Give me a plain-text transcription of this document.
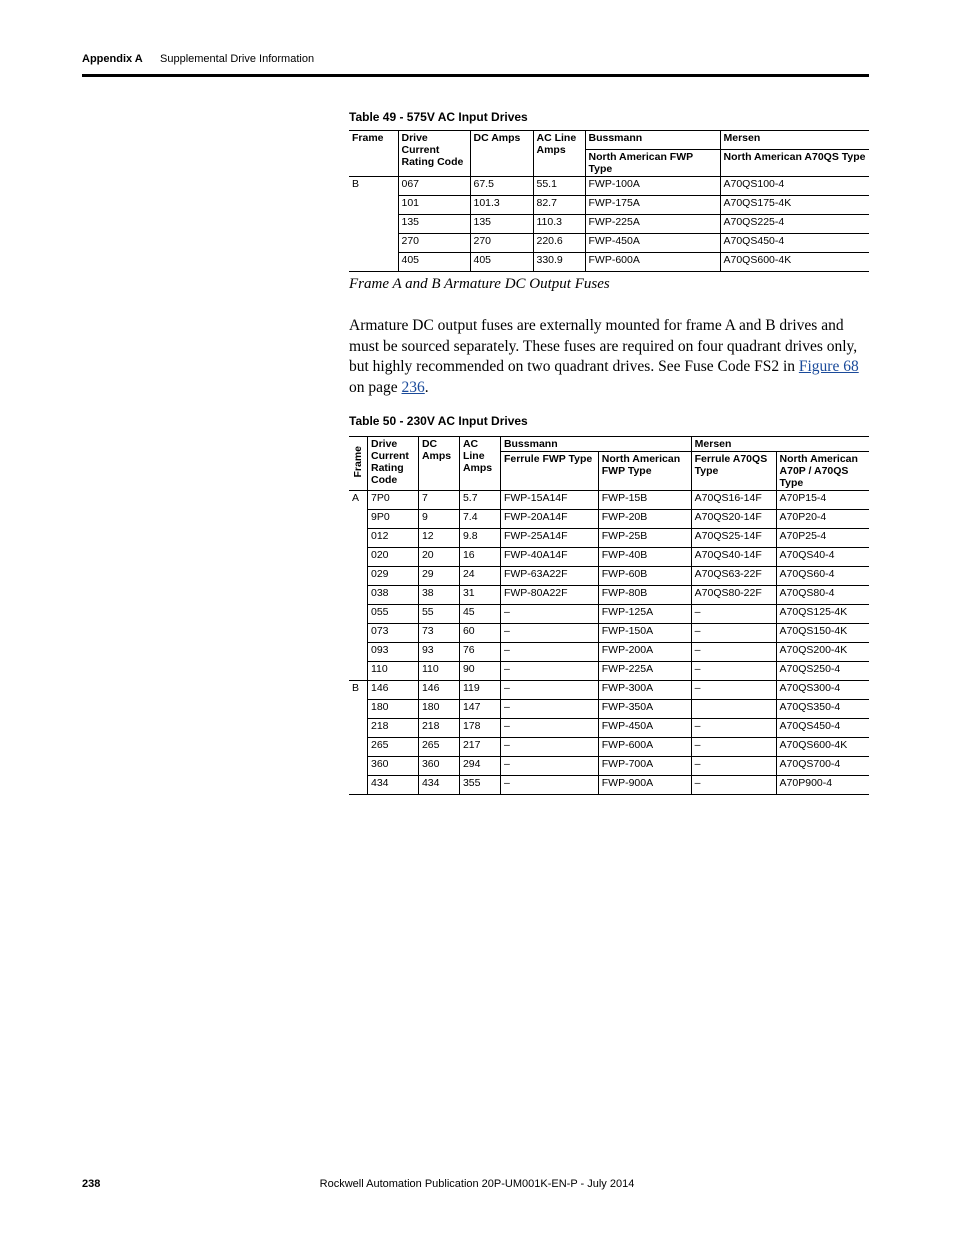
Appendix A Supplemental Drive Information
Table 49 - 575V AC Input Drives
Frame	Drive Current Rating Code	DC Amps	AC Line Amps	Bussmann	Mersen
				North American FWP Type	North American A70QS Type
B	067	67.5	55.1	FWP-100A	A70QS100-4
	101	101.3	82.7	FWP-175A	A70QS175-4K
	135	135	110.3	FWP-225A	A70QS225-4
	270	270	220.6	FWP-450A	A70QS450-4
	405	405	330.9	FWP-600A	A70QS600-4K
Frame A and B Armature DC Output Fuses
Armature DC output fuses are externally mounted for frame A and B drives and must be sourced separately. These fuses are required on four quadrant drives only, but highly recommended on two quadrant drives. See Fuse Code FS2 in Figure 68 on page 236.
Table 50 - 230V AC Input Drives
Frame	Drive Current Rating Code	DC Amps	AC Line Amps	Bussmann		Mersen	
				Ferrule FWP Type	North American FWP Type	Ferrule A70QS Type	North American A70P / A70QS Type
A	7P0	7	5.7	FWP-15A14F	FWP-15B	A70QS16-14F	A70P15-4
	9P0	9	7.4	FWP-20A14F	FWP-20B	A70QS20-14F	A70P20-4
	012	12	9.8	FWP-25A14F	FWP-25B	A70QS25-14F	A70P25-4
	020	20	16	FWP-40A14F	FWP-40B	A70QS40-14F	A70QS40-4
	029	29	24	FWP-63A22F	FWP-60B	A70QS63-22F	A70QS60-4
	038	38	31	FWP-80A22F	FWP-80B	A70QS80-22F	A70QS80-4
	055	55	45	–	FWP-125A	–	A70QS125-4K
	073	73	60	–	FWP-150A	–	A70QS150-4K
	093	93	76	–	FWP-200A	–	A70QS200-4K
	110	110	90	–	FWP-225A	–	A70QS250-4
B	146	146	119	–	FWP-300A	–	A70QS300-4
	180	180	147	–	FWP-350A		A70QS350-4
	218	218	178	–	FWP-450A	–	A70QS450-4
	265	265	217	–	FWP-600A	–	A70QS600-4K
	360	360	294	–	FWP-700A	–	A70QS700-4
	434	434	355	–	FWP-900A	–	A70P900-4
238	Rockwell Automation Publication 20P-UM001K-EN-P - July 2014
